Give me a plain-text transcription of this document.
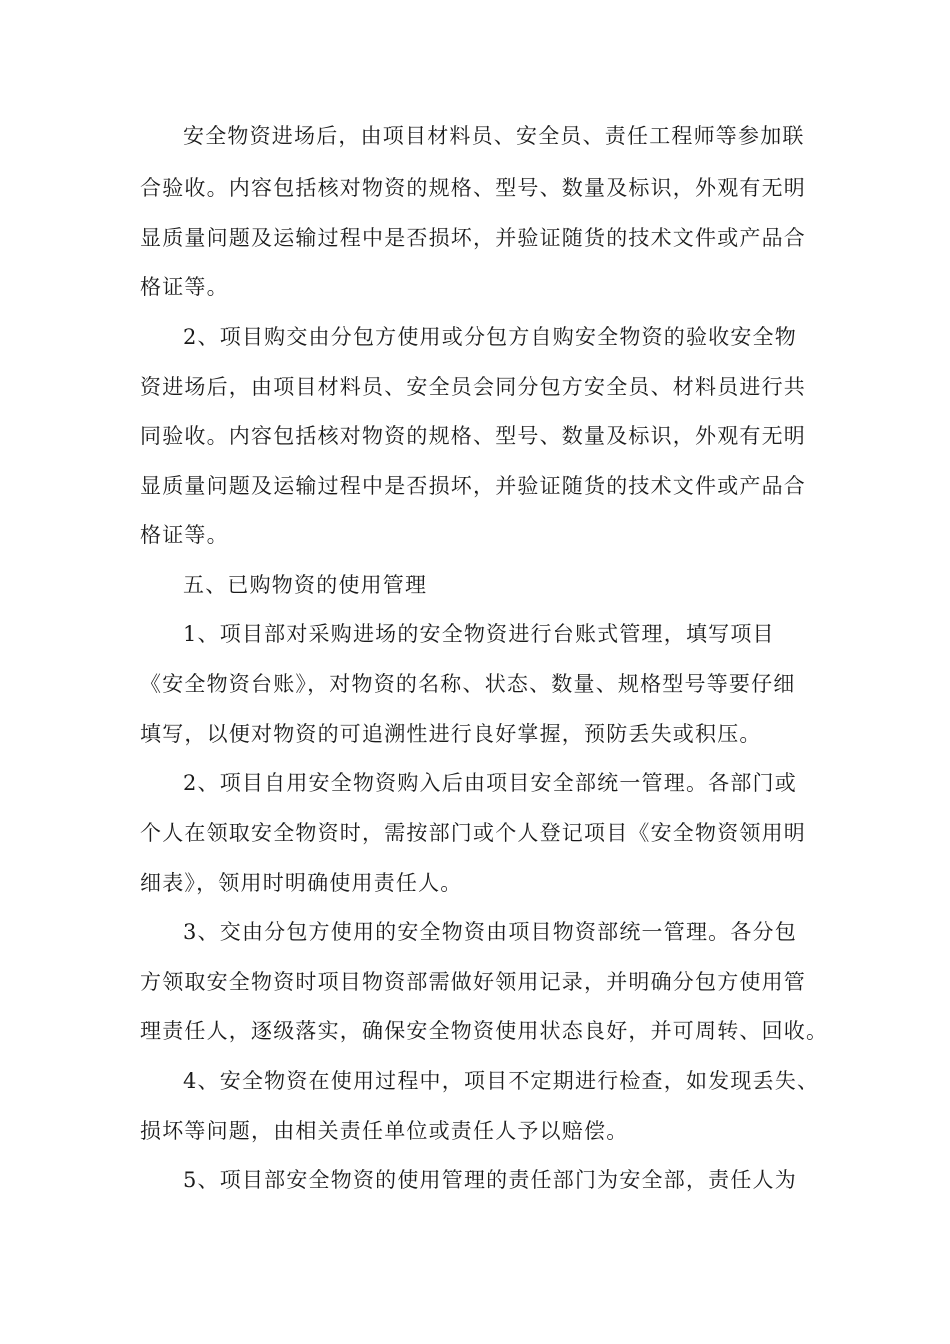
安全物资进场后，由项目材料员、安全员、责任工程师等参加联
合验收。内容包括核对物资的规格、型号、数量及标识，外观有无明
显质量问题及运输过程中是否损坏，并验证随货的技术文件或产品合
格证等。
2、项目购交由分包方使用或分包方自购安全物资的验收安全物
资进场后，由项目材料员、安全员会同分包方安全员、材料员进行共
同验收。内容包括核对物资的规格、型号、数量及标识，外观有无明
显质量问题及运输过程中是否损坏，并验证随货的技术文件或产品合
格证等。
五、已购物资的使用管理
1、项目部对采购进场的安全物资进行台账式管理，填写项目
《安全物资台账》，对物资的名称、状态、数量、规格型号等要仔细
填写，以便对物资的可追溯性进行良好掌握，预防丢失或积压。
2、项目自用安全物资购入后由项目安全部统一管理。各部门或
个人在领取安全物资时，需按部门或个人登记项目《安全物资领用明
细表》，领用时明确使用责任人。
3、交由分包方使用的安全物资由项目物资部统一管理。各分包
方领取安全物资时项目物资部需做好领用记录，并明确分包方使用管
理责任人，逐级落实，确保安全物资使用状态良好，并可周转、回收。
4、安全物资在使用过程中，项目不定期进行检查，如发现丢失、
损坏等问题，由相关责任单位或责任人予以赔偿。
5、项目部安全物资的使用管理的责任部门为安全部，责任人为
